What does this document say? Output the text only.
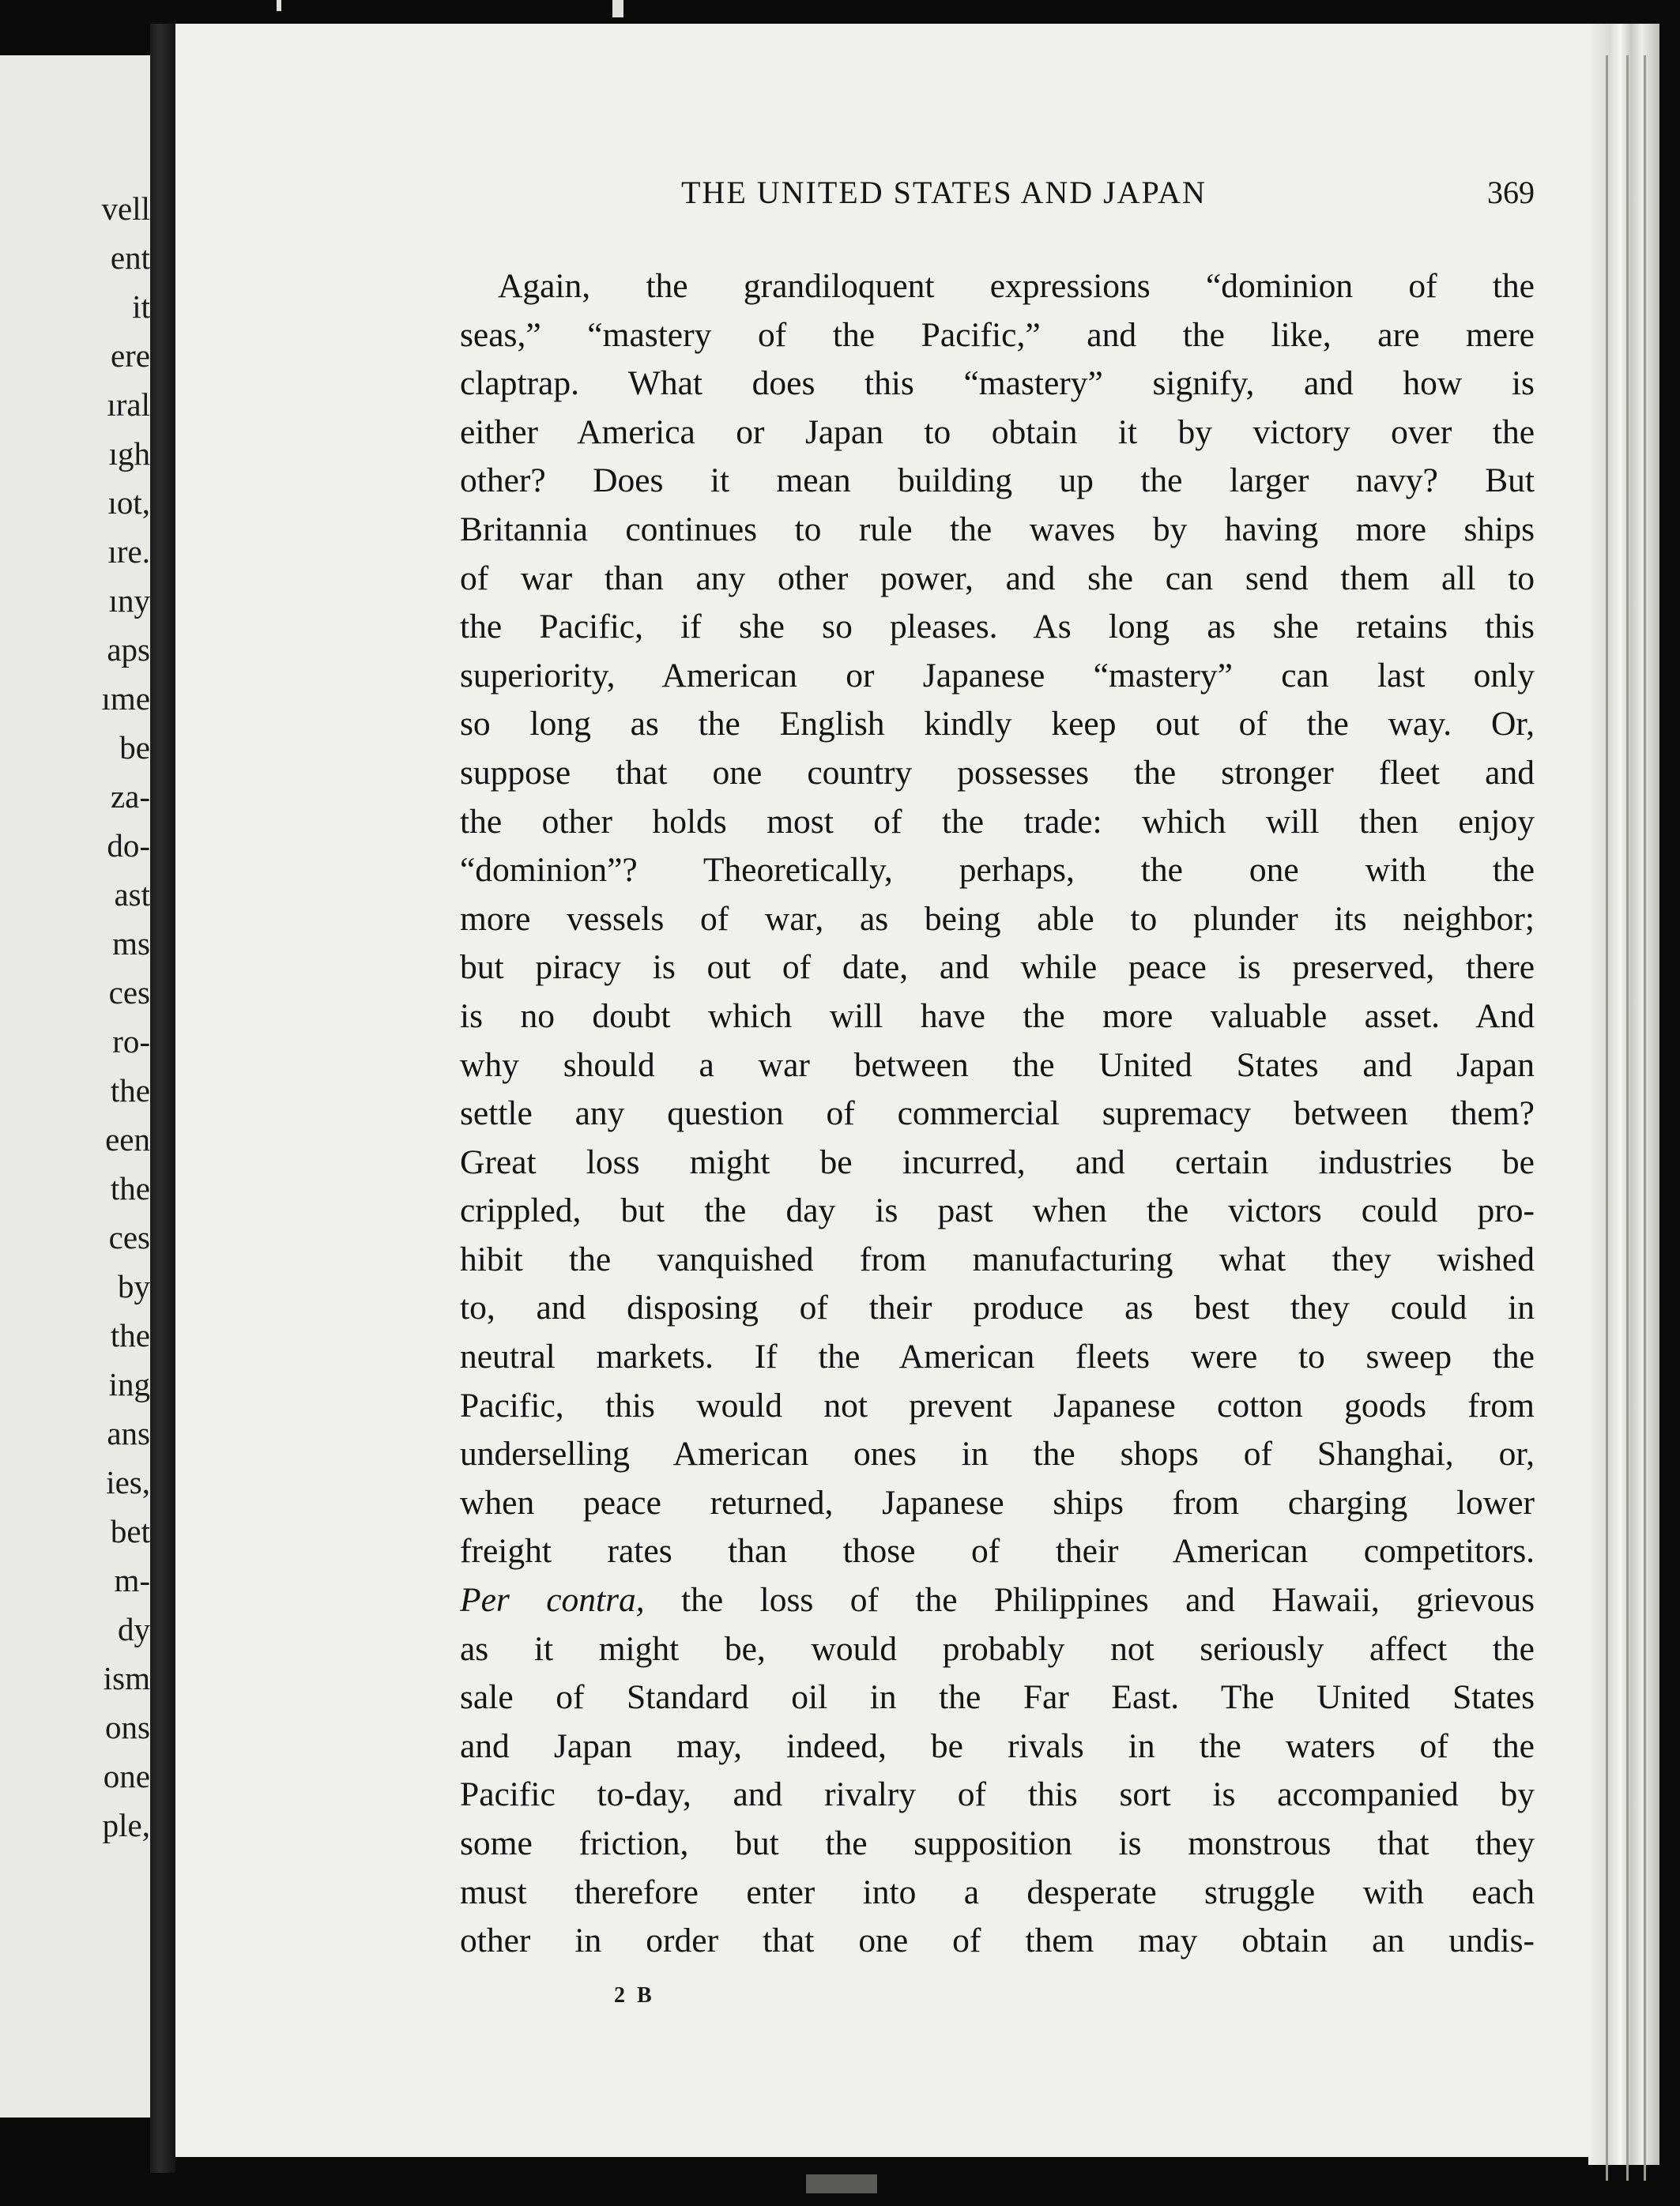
vell
ent
it
ere
ıral
ıgh
ıot,
ıre.
ıny
aps
ıme
be
za-
do-
ast
ms
ces
ro-
the
een
the
ces
by
the
ing
ans
ies,
bet
m-
dy
ism
ons
one
ple,
THE UNITED STATES AND JAPAN	369
Again, the grandiloquent expressions “dominion of the
seas,” “mastery of the Pacific,” and the like, are mere
claptrap. What does this “mastery” signify, and how is
either America or Japan to obtain it by victory over the
other? Does it mean building up the larger navy? But
Britannia continues to rule the waves by having more ships
of war than any other power, and she can send them all to
the Pacific, if she so pleases. As long as she retains this
superiority, American or Japanese “mastery” can last only
so long as the English kindly keep out of the way. Or,
suppose that one country possesses the stronger fleet and
the other holds most of the trade: which will then enjoy
“dominion”? Theoretically, perhaps, the one with the
more vessels of war, as being able to plunder its neighbor;
but piracy is out of date, and while peace is preserved, there
is no doubt which will have the more valuable asset. And
why should a war between the United States and Japan
settle any question of commercial supremacy between them?
Great loss might be incurred, and certain industries be
crippled, but the day is past when the victors could pro-
hibit the vanquished from manufacturing what they wished
to, and disposing of their produce as best they could in
neutral markets. If the American fleets were to sweep the
Pacific, this would not prevent Japanese cotton goods from
underselling American ones in the shops of Shanghai, or,
when peace returned, Japanese ships from charging lower
freight rates than those of their American competitors.
Per contra, the loss of the Philippines and Hawaii, grievous
as it might be, would probably not seriously affect the
sale of Standard oil in the Far East. The United States
and Japan may, indeed, be rivals in the waters of the
Pacific to-day, and rivalry of this sort is accompanied by
some friction, but the supposition is monstrous that they
must therefore enter into a desperate struggle with each
other in order that one of them may obtain an undis-
2 B
